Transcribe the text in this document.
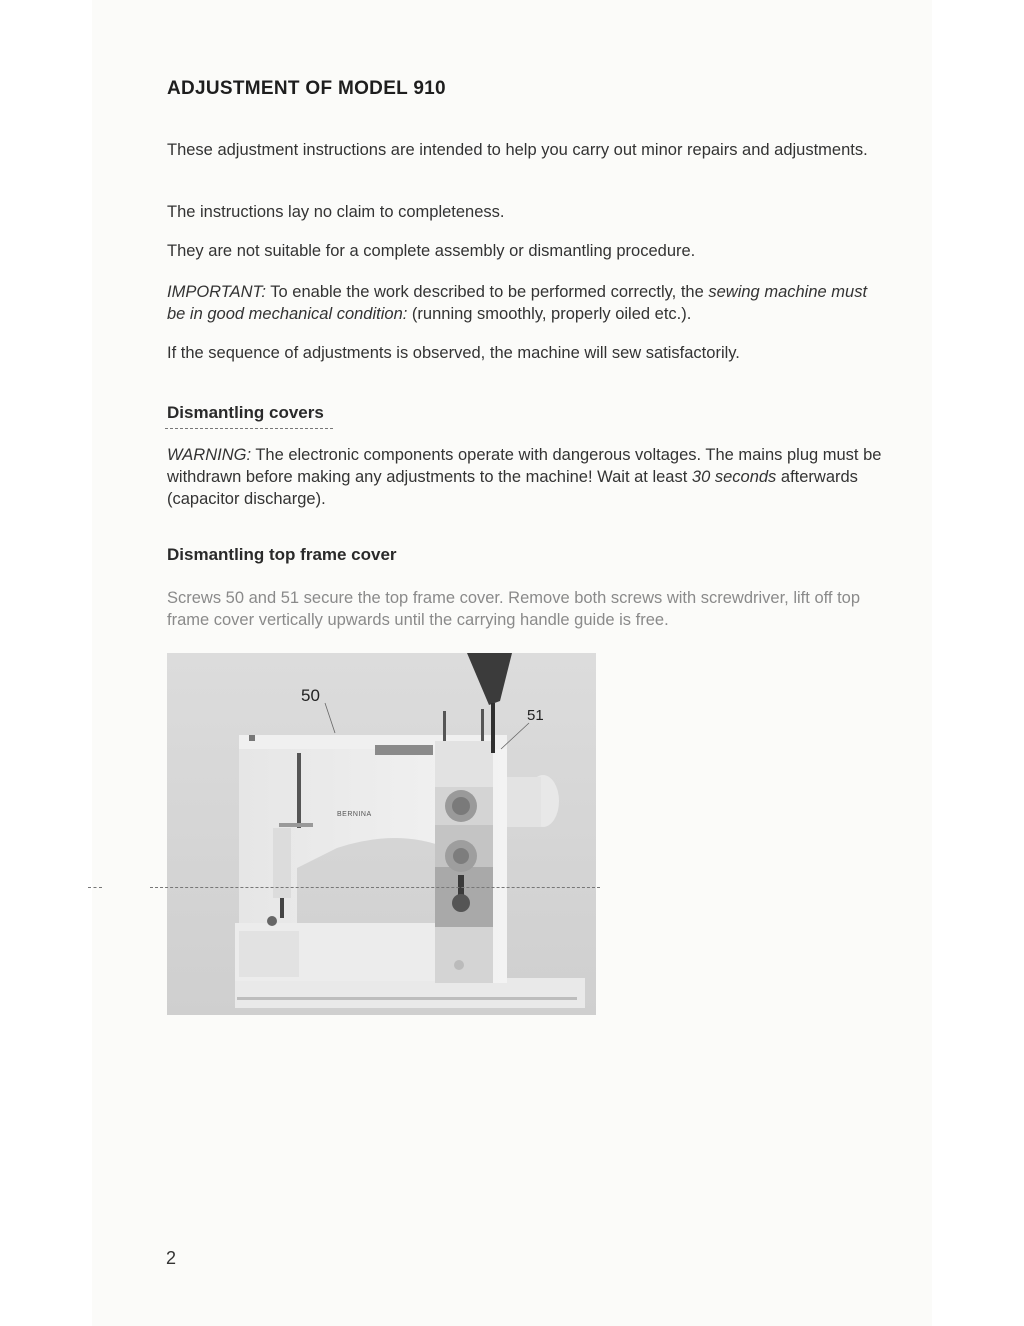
ADJUSTMENT OF MODEL 910
These adjustment instructions are intended to help you carry out minor repairs and adjustments.
The instructions lay no claim to completeness.
They are not suitable for a complete assembly or dismantling procedure.
IMPORTANT: To enable the work described to be performed correctly, the sewing machine must be in good mechanical condition: (running smoothly, properly oiled etc.).
If the sequence of adjustments is observed, the machine will sew satisfactorily.
Dismantling covers
WARNING: The electronic components operate with dangerous voltages. The mains plug must be withdrawn before making any adjustments to the machine! Wait at least 30 seconds afterwards (capacitor discharge).
Dismantling top frame cover
Screws 50 and 51 secure the top frame cover. Remove both screws with screwdriver, lift off top frame cover vertically upwards until the carrying handle guide is free.
BERNINA
50
51
2
